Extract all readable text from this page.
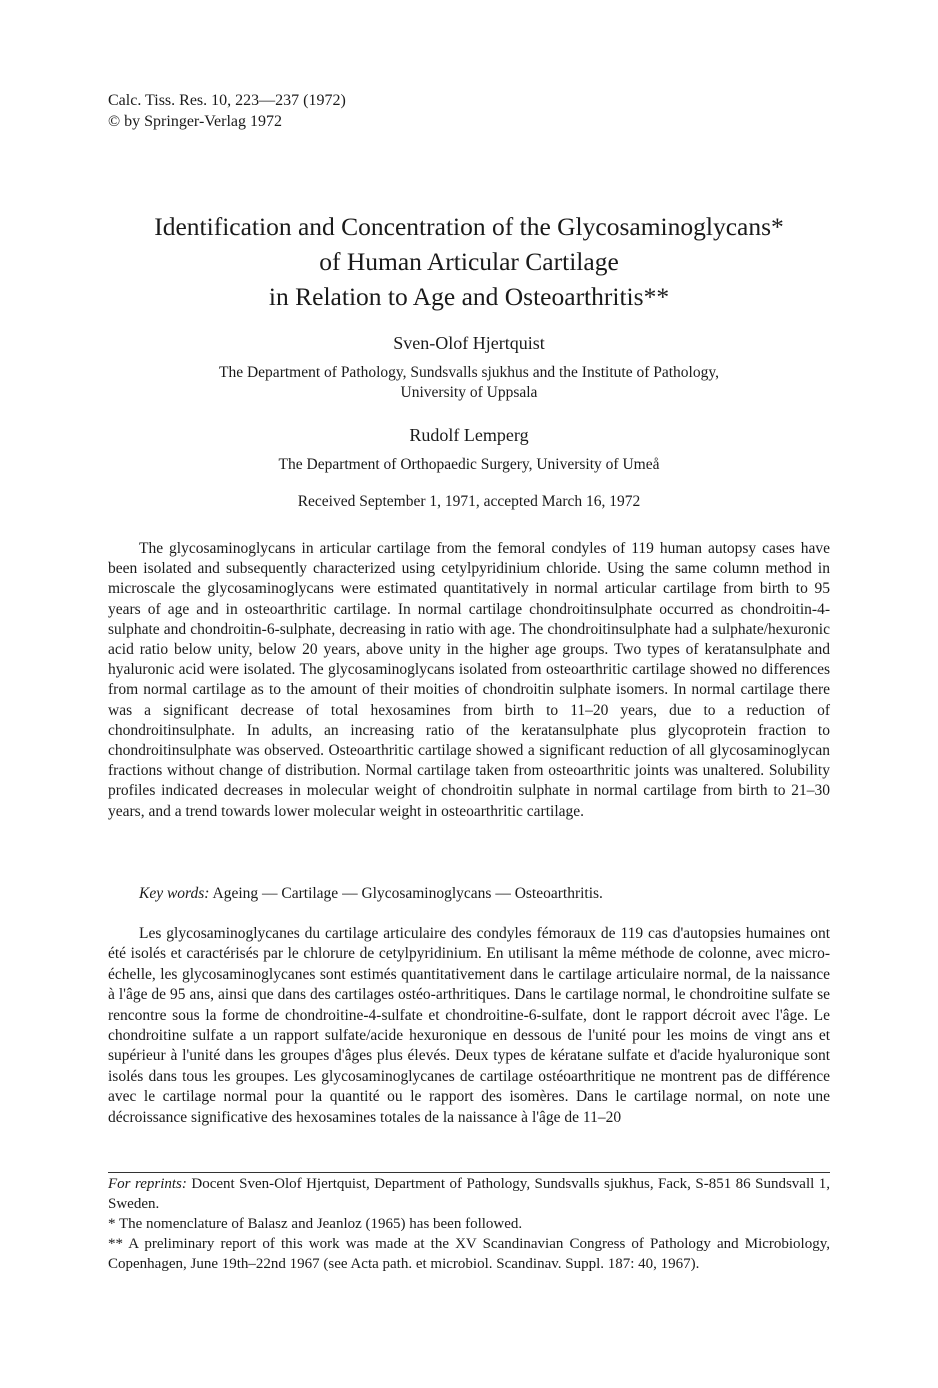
Calc. Tiss. Res. 10, 223—237 (1972)
© by Springer-Verlag 1972
Identification and Concentration of the Glycosaminoglycans*
of Human Articular Cartilage
in Relation to Age and Osteoarthritis**
Sven-Olof Hjertquist
The Department of Pathology, Sundsvalls sjukhus and the Institute of Pathology,
University of Uppsala
Rudolf Lemperg
The Department of Orthopaedic Surgery, University of Umeå
Received September 1, 1971, accepted March 16, 1972

The glycosaminoglycans in articular cartilage from the femoral condyles of 119 human autopsy cases have been isolated and subsequently characterized using cetylpyridinium chloride. Using the same column method in microscale the glycosaminoglycans were estimated quantitatively in normal articular cartilage from birth to 95 years of age and in osteoarthritic cartilage. In normal cartilage chondroitinsulphate occurred as chondroitin-4-sulphate and chondroitin-6-sulphate, decreasing in ratio with age. The chondroitinsulphate had a sulphate/hexuronic acid ratio below unity, below 20 years, above unity in the higher age groups. Two types of keratansulphate and hyaluronic acid were isolated. The glycosaminoglycans isolated from osteoarthritic cartilage showed no differences from normal cartilage as to the amount of their moities of chondroitin sulphate isomers. In normal cartilage there was a significant decrease of total hexosamines from birth to 11–20 years, due to a reduction of chondroitinsulphate. In adults, an increasing ratio of the keratansulphate plus glycoprotein fraction to chondroitinsulphate was observed. Osteoarthritic cartilage showed a significant reduction of all glycosaminoglycan fractions without change of distribution. Normal cartilage taken from osteoarthritic joints was unaltered. Solubility profiles indicated decreases in molecular weight of chondroitin sulphate in normal cartilage from birth to 21–30 years, and a trend towards lower molecular weight in osteoarthritic cartilage.

Key words: Ageing — Cartilage — Glycosaminoglycans — Osteoarthritis.

Les glycosaminoglycanes du cartilage articulaire des condyles fémoraux de 119 cas d'autopsies humaines ont été isolés et caractérisés par le chlorure de cetylpyridinium. En utilisant la même méthode de colonne, avec micro-échelle, les glycosaminoglycanes sont estimés quantitativement dans le cartilage articulaire normal, de la naissance à l'âge de 95 ans, ainsi que dans des cartilages ostéo-arthritiques. Dans le cartilage normal, le chondroitine sulfate se rencontre sous la forme de chondroitine-4-sulfate et chondroitine-6-sulfate, dont le rapport décroit avec l'âge. Le chondroitine sulfate a un rapport sulfate/acide hexuronique en dessous de l'unité pour les moins de vingt ans et supérieur à l'unité dans les groupes d'âges plus élevés. Deux types de kératane sulfate et d'acide hyaluronique sont isolés dans tous les groupes. Les glycosaminoglycanes de cartilage ostéoarthritique ne montrent pas de différence avec le cartilage normal pour la quantité ou le rapport des isomères. Dans le cartilage normal, on note une décroissance significative des hexosamines totales de la naissance à l'âge de 11–20

For reprints: Docent Sven-Olof Hjertquist, Department of Pathology, Sundsvalls sjukhus, Fack, S-851 86 Sundsvall 1, Sweden.

* The nomenclature of Balasz and Jeanloz (1965) has been followed.

** A preliminary report of this work was made at the XV Scandinavian Congress of Pathology and Microbiology, Copenhagen, June 19th–22nd 1967 (see Acta path. et microbiol. Scandinav. Suppl. 187: 40, 1967).
